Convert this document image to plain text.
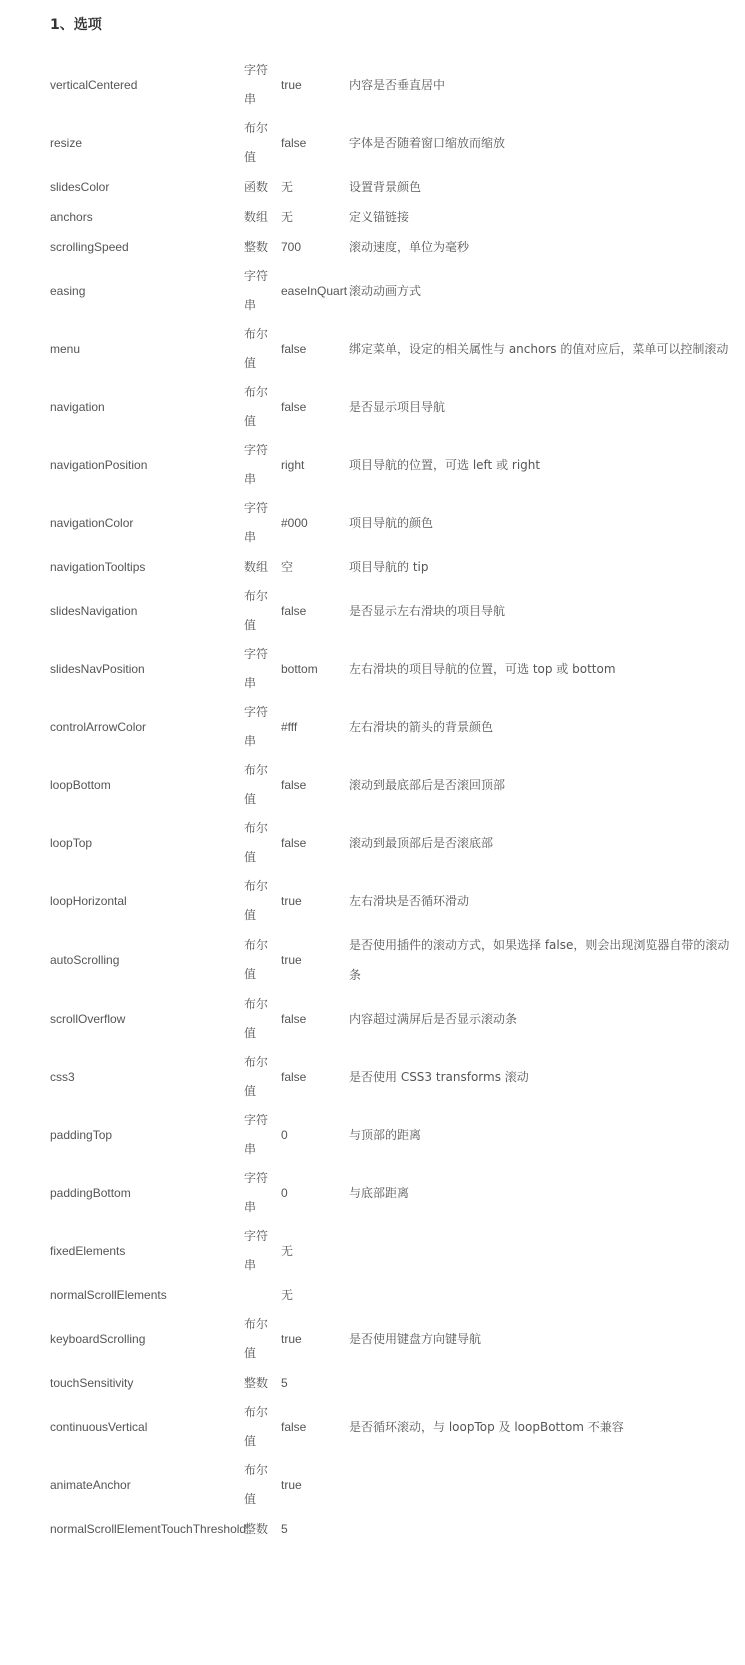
1、选项
verticalCentered	字符串	true	内容是否垂直居中
resize	布尔值	false	字体是否随着窗口缩放而缩放
slidesColor	函数	无	设置背景颜色
anchors	数组	无	定义锚链接
scrollingSpeed	整数	700	滚动速度，单位为毫秒
easing	字符串	easeInQuart	滚动动画方式
menu	布尔值	false	绑定菜单，设定的相关属性与 anchors 的值对应后，菜单可以控制滚动
navigation	布尔值	false	是否显示项目导航
navigationPosition	字符串	right	项目导航的位置，可选 left 或 right
navigationColor	字符串	#000	项目导航的颜色
navigationTooltips	数组	空	项目导航的 tip
slidesNavigation	布尔值	false	是否显示左右滑块的项目导航
slidesNavPosition	字符串	bottom	左右滑块的项目导航的位置，可选 top 或 bottom
controlArrowColor	字符串	#fff	左右滑块的箭头的背景颜色
loopBottom	布尔值	false	滚动到最底部后是否滚回顶部
loopTop	布尔值	false	滚动到最顶部后是否滚底部
loopHorizontal	布尔值	true	左右滑块是否循环滑动
autoScrolling	布尔值	true	是否使用插件的滚动方式，如果选择 false，则会出现浏览器自带的滚动条
scrollOverflow	布尔值	false	内容超过满屏后是否显示滚动条
css3	布尔值	false	是否使用 CSS3 transforms 滚动
paddingTop	字符串	0	与顶部的距离
paddingBottom	字符串	0	与底部距离
fixedElements	字符串	无	
normalScrollElements		无	
keyboardScrolling	布尔值	true	是否使用键盘方向键导航
touchSensitivity	整数	5	
continuousVertical	布尔值	false	是否循环滚动，与 loopTop 及 loopBottom 不兼容
animateAnchor	布尔值	true	
normalScrollElementTouchThreshold	整数	5	
